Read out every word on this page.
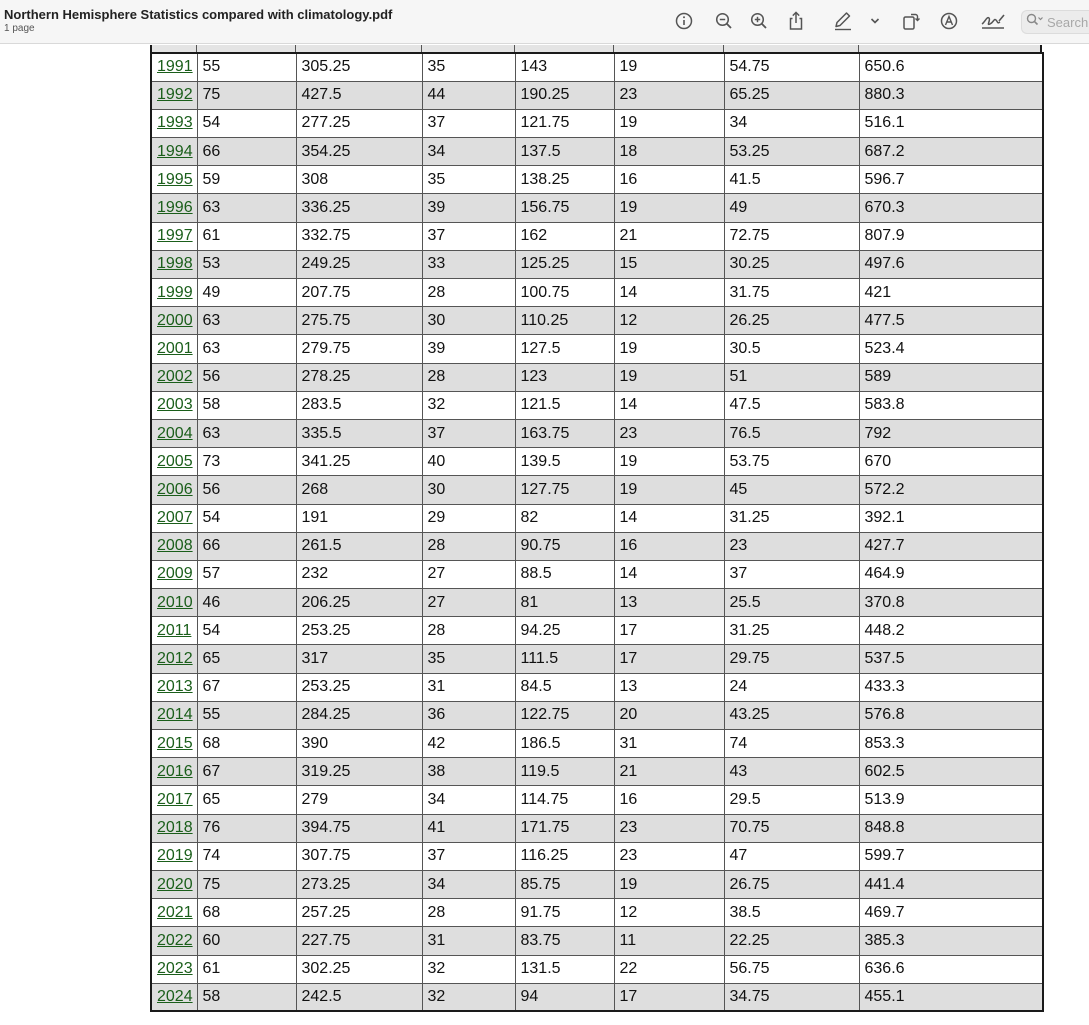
Northern Hemisphere Statistics compared with climatology.pdf
1 page
Search
1991	55	305.25	35	143	19	54.75	650.6
1992	75	427.5	44	190.25	23	65.25	880.3
1993	54	277.25	37	121.75	19	34	516.1
1994	66	354.25	34	137.5	18	53.25	687.2
1995	59	308	35	138.25	16	41.5	596.7
1996	63	336.25	39	156.75	19	49	670.3
1997	61	332.75	37	162	21	72.75	807.9
1998	53	249.25	33	125.25	15	30.25	497.6
1999	49	207.75	28	100.75	14	31.75	421
2000	63	275.75	30	110.25	12	26.25	477.5
2001	63	279.75	39	127.5	19	30.5	523.4
2002	56	278.25	28	123	19	51	589
2003	58	283.5	32	121.5	14	47.5	583.8
2004	63	335.5	37	163.75	23	76.5	792
2005	73	341.25	40	139.5	19	53.75	670
2006	56	268	30	127.75	19	45	572.2
2007	54	191	29	82	14	31.25	392.1
2008	66	261.5	28	90.75	16	23	427.7
2009	57	232	27	88.5	14	37	464.9
2010	46	206.25	27	81	13	25.5	370.8
2011	54	253.25	28	94.25	17	31.25	448.2
2012	65	317	35	111.5	17	29.75	537.5
2013	67	253.25	31	84.5	13	24	433.3
2014	55	284.25	36	122.75	20	43.25	576.8
2015	68	390	42	186.5	31	74	853.3
2016	67	319.25	38	119.5	21	43	602.5
2017	65	279	34	114.75	16	29.5	513.9
2018	76	394.75	41	171.75	23	70.75	848.8
2019	74	307.75	37	116.25	23	47	599.7
2020	75	273.25	34	85.75	19	26.75	441.4
2021	68	257.25	28	91.75	12	38.5	469.7
2022	60	227.75	31	83.75	11	22.25	385.3
2023	61	302.25	32	131.5	22	56.75	636.6
2024	58	242.5	32	94	17	34.75	455.1
